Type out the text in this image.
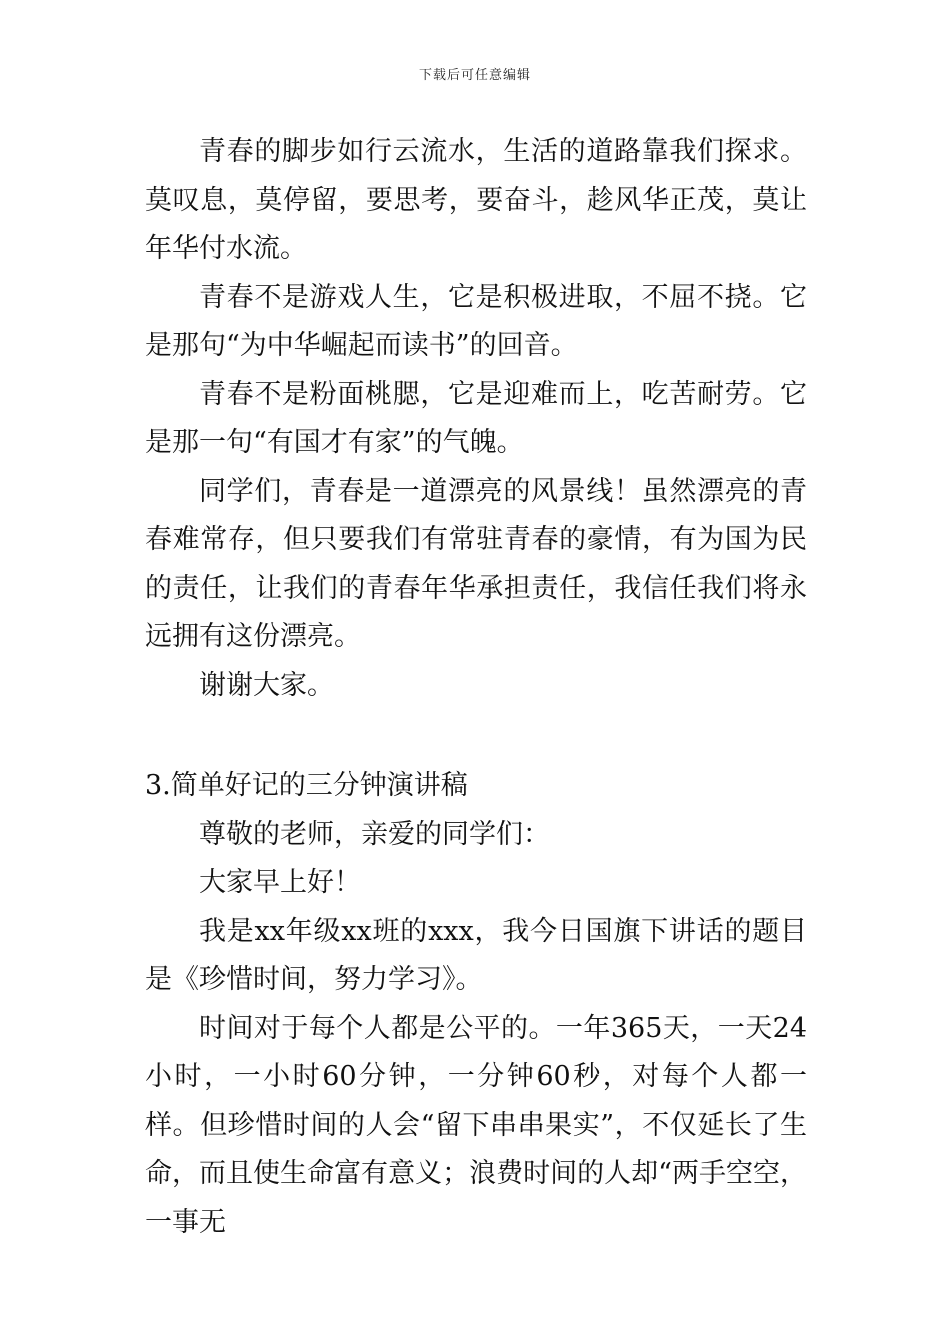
下载后可任意编辑

青春的脚步如行云流水，生活的道路靠我们探求。莫叹息，莫停留，要思考，要奋斗，趁风华正茂，莫让年华付水流。

青春不是游戏人生，它是积极进取，不屈不挠。它是那句“为中华崛起而读书”的回音。

青春不是粉面桃腮，它是迎难而上，吃苦耐劳。它是那一句“有国才有家”的气魄。

同学们，青春是一道漂亮的风景线！虽然漂亮的青春难常存，但只要我们有常驻青春的豪情，有为国为民的责任，让我们的青春年华承担责任，我信任我们将永远拥有这份漂亮。

谢谢大家。

3.简单好记的三分钟演讲稿

尊敬的老师，亲爱的同学们：

大家早上好！

我是xx年级xx班的xxx，我今日国旗下讲话的题目是《珍惜时间，努力学习》。

时间对于每个人都是公平的。一年365天，一天24小时，一小时60分钟，一分钟60秒，对每个人都一样。但珍惜时间的人会“留下串串果实”，不仅延长了生命，而且使生命富有意义；浪费时间的人却“两手空空，一事无
